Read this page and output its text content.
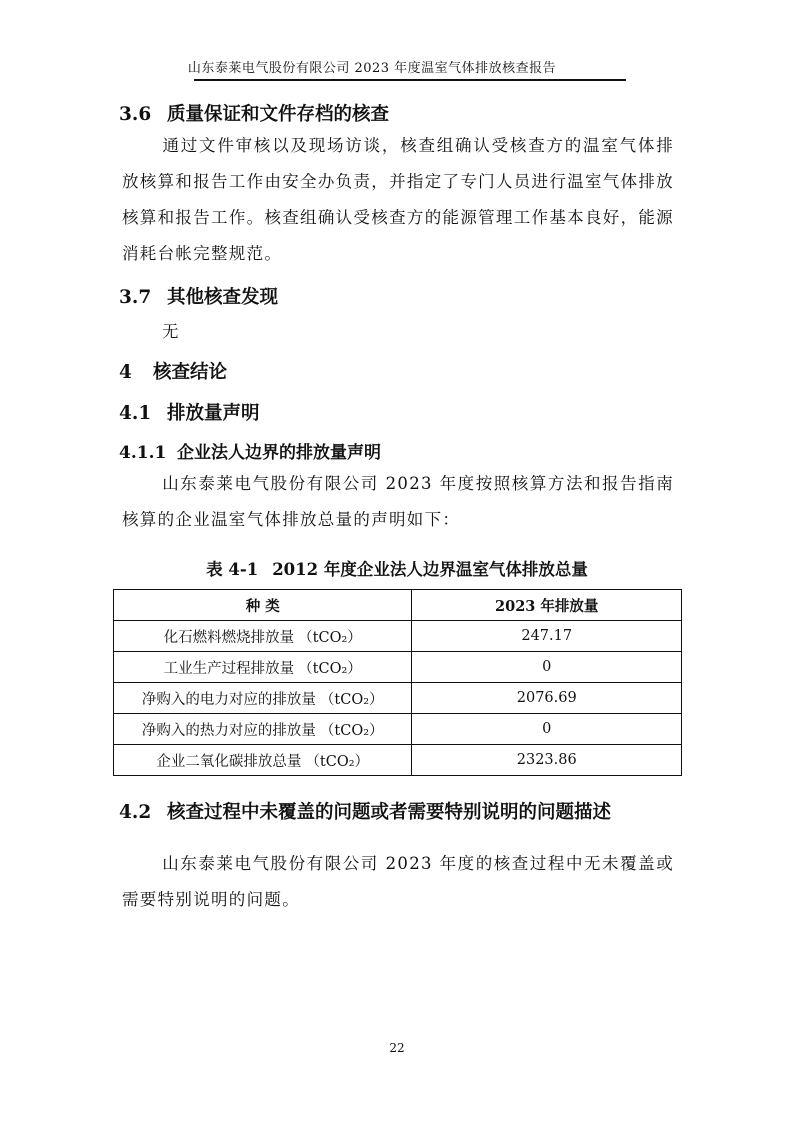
山东泰莱电气股份有限公司 2023 年度温室气体排放核查报告
3.6 质量保证和文件存档的核查
通过文件审核以及现场访谈，核查组确认受核查方的温室气体排放核算和报告工作由安全办负责，并指定了专门人员进行温室气体排放核算和报告工作。核查组确认受核查方的能源管理工作基本良好，能源消耗台帐完整规范。
3.7 其他核查发现
无
4 核查结论
4.1 排放量声明
4.1.1 企业法人边界的排放量声明
山东泰莱电气股份有限公司 2023 年度按照核算方法和报告指南核算的企业温室气体排放总量的声明如下：
表 4-1 2012 年度企业法人边界温室气体排放总量
种 类	2023 年排放量
化石燃料燃烧排放量 （tCO₂）	247.17
工业生产过程排放量 （tCO₂）	0
净购入的电力对应的排放量 （tCO₂）	2076.69
净购入的热力对应的排放量 （tCO₂）	0
企业二氧化碳排放总量 （tCO₂）	2323.86
4.2 核查过程中未覆盖的问题或者需要特别说明的问题描述
山东泰莱电气股份有限公司 2023 年度的核查过程中无未覆盖或需要特别说明的问题。
22
